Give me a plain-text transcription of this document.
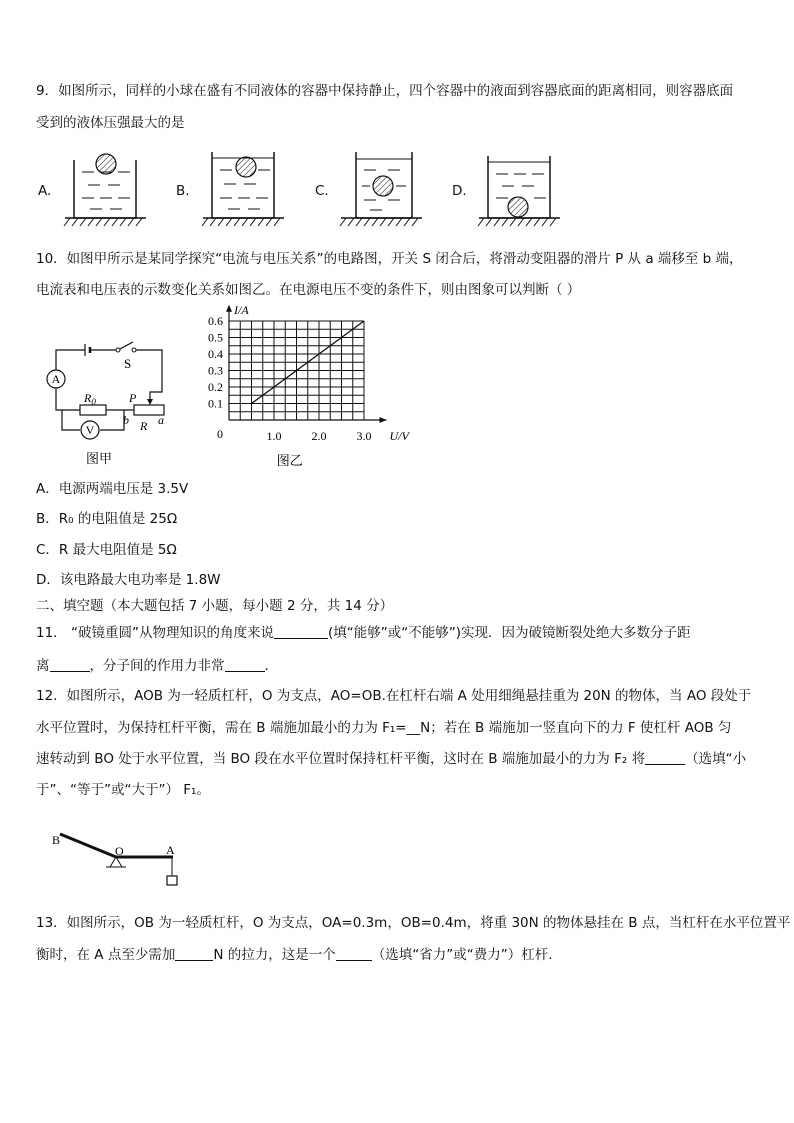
9．如图所示，同样的小球在盛有不同液体的容器中保持静止，四个容器中的液面到容器底面的距离相同，则容器底面
受到的液体压强最大的是
A.	B.	C.	D.
10．如图甲所示是某同学探究“电流与电压关系”的电路图，开关 S 闭合后，将滑动变阻器的滑片 P 从 a 端移至 b 端，
电流表和电压表的示数变化关系如图乙。在电源电压不变的条件下，则由图象可以判断（ ）
A
V
S
$R_0$	P
R
b a
图甲
0.6
0.5
0.4
0.3
0.2
0.1
1.0	2.0	3.0
0
I/A
U/V
图乙
A．电源两端电压是 3.5V
B．R₀ 的电阻值是 25Ω
C．R 最大电阻值是 5Ω
D．该电路最大电功率是 1.8W
二、填空题（本大题包括 7 小题，每小题 2 分，共 14 分）
11． “破镜重圆”从物理知识的角度来说	(填“能够”或“不能够”)实现．因为破镜断裂处绝大多数分子距
离	，分子间的作用力非常	.
12．如图所示，AOB 为一轻质杠杆，O 为支点，AO=OB.在杠杆右端 A 处用细绳悬挂重为 20N 的物体，当 AO 段处于
水平位置时，为保持杠杆平衡，需在 B 端施加最小的力为 F₁=__N；若在 B 端施加一竖直向下的力 F 使杠杆 AOB 匀
速转动到 BO 处于水平位置，当 BO 段在水平位置时保持杠杆平衡，这时在 B 端施加最小的力为 F₂ 将	（选填“小
于”、“等于”或“大于”） F₁。
B
O	A
13．如图所示，OB 为一轻质杠杆，O 为支点，OA=0.3m，OB=0.4m，将重 30N 的物体悬挂在 B 点，当杠杆在水平位置平
衡时，在 A 点至少需加	N 的拉力，这是一个	（选填“省力”或“费力”）杠杆.
